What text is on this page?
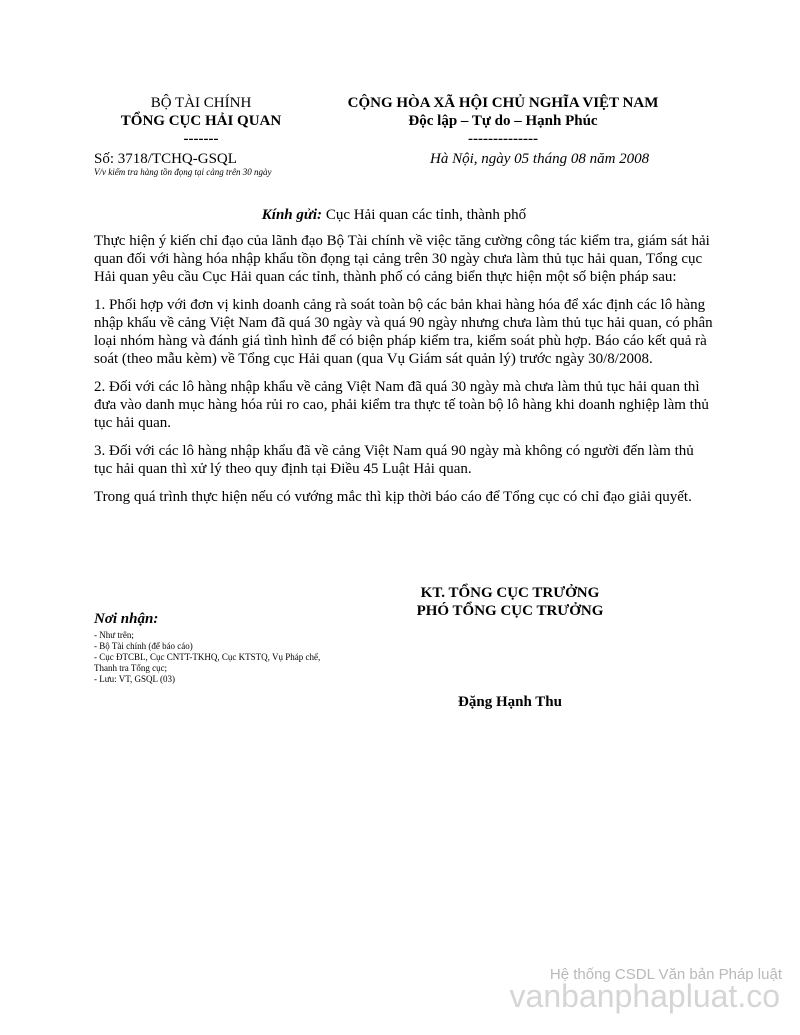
BỘ TÀI CHÍNH
TỔNG CỤC HẢI QUAN
-------
CỘNG HÒA XÃ HỘI CHỦ NGHĨA VIỆT NAM
Độc lập – Tự do – Hạnh Phúc
--------------
Số: 3718/TCHQ-GSQL
V/v kiểm tra hàng tồn đọng tại cảng trên 30 ngày
Hà Nội, ngày 05 tháng 08 năm 2008
Kính gửi: Cục Hải quan các tỉnh, thành phố

Thực hiện ý kiến chỉ đạo của lãnh đạo Bộ Tài chính về việc tăng cường công tác kiểm tra, giám sát hải quan đối với hàng hóa nhập khẩu tồn đọng tại cảng trên 30 ngày chưa làm thủ tục hải quan, Tổng cục Hải quan yêu cầu Cục Hải quan các tỉnh, thành phố có cảng biển thực hiện một số biện pháp sau:

1. Phối hợp với đơn vị kinh doanh cảng rà soát toàn bộ các bản khai hàng hóa để xác định các lô hàng nhập khẩu về cảng Việt Nam đã quá 30 ngày và quá 90 ngày nhưng chưa làm thủ tục hải quan, có phân loại nhóm hàng và đánh giá tình hình để có biện pháp kiểm tra, kiểm soát phù hợp. Báo cáo kết quả rà soát (theo mẫu kèm) về Tổng cục Hải quan (qua Vụ Giám sát quản lý) trước ngày 30/8/2008.

2. Đối với các lô hàng nhập khẩu về cảng Việt Nam đã quá 30 ngày mà chưa làm thủ tục hải quan thì đưa vào danh mục hàng hóa rủi ro cao, phải kiểm tra thực tế toàn bộ lô hàng khi doanh nghiệp làm thủ tục hải quan.

3. Đối với các lô hàng nhập khẩu đã về cảng Việt Nam quá 90 ngày mà không có người đến làm thủ tục hải quan thì xử lý theo quy định tại Điều 45 Luật Hải quan.

Trong quá trình thực hiện nếu có vướng mắc thì kịp thời báo cáo để Tổng cục có chỉ đạo giải quyết.

KT. TỔNG CỤC TRƯỞNG
PHÓ TỔNG CỤC TRƯỞNG
Đặng Hạnh Thu
Nơi nhận:
- Như trên;
- Bộ Tài chính (để báo cáo)
- Cục ĐTCBL, Cục CNTT-TKHQ, Cục KTSTQ, Vụ Pháp chế,
Thanh tra Tổng cục;
- Lưu: VT, GSQL (03)
Hệ thống CSDL Văn bản Pháp luật
vanbanphapluat.co
